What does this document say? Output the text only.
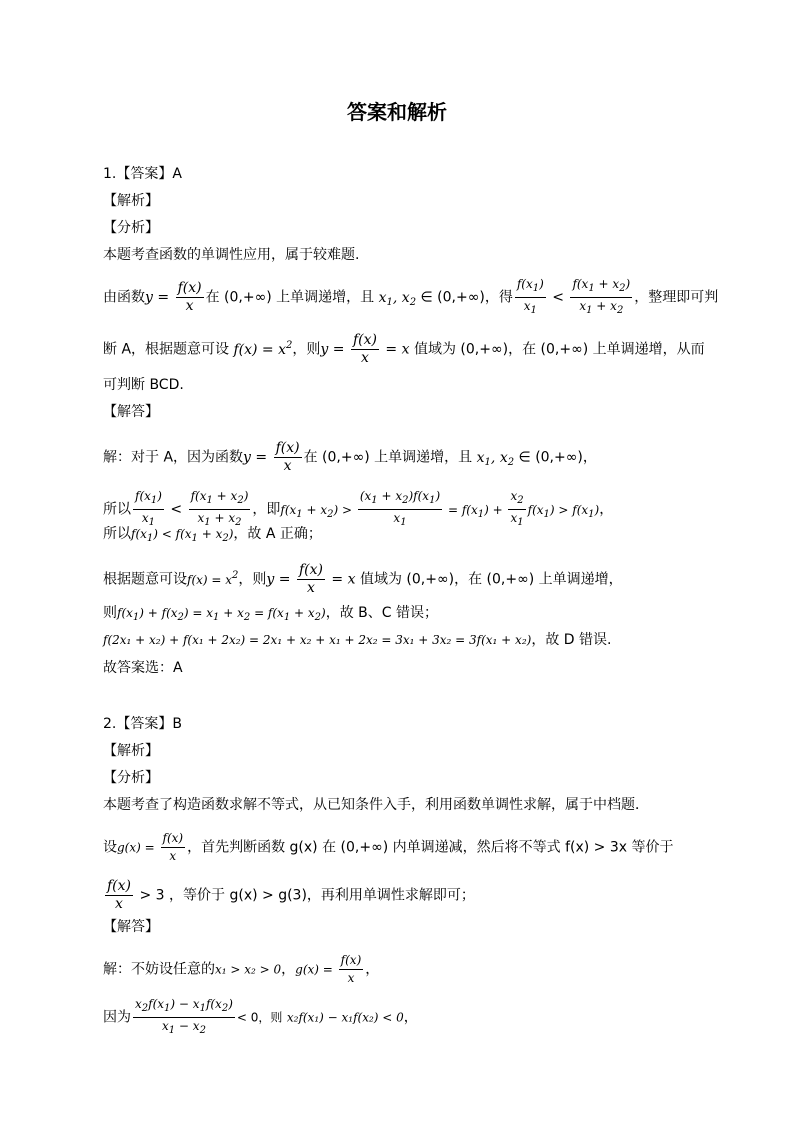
答案和解析
1.【答案】A
【解析】
【分析】
本题考查函数的单调性应用，属于较难题.
由函数$y = \frac{f(x)}{x}$ 在 (0,+∞) 上单调递增，且 $x_1$, $x_2$ ∈ (0,+∞)，得 $\frac{f(x_1)}{x_1} < \frac{f(x_1 + x_2)}{x_1 + x_2}$ ，整理即可判
断 A，根据题意可设 $f(x) = x^2$，则$y = \frac{f(x)}{x} = x$ 值域为 (0,+∞)，在 (0,+∞) 上单调递增，从而
可判断 BCD.
【解答】
解：对于 A，因为函数$y = \frac{f(x)}{x}$ 在 (0,+∞) 上单调递增，且 $x_1$, $x_2$ ∈ (0,+∞)，
所以 $\frac{f(x_1)}{x_1} < \frac{f(x_1 + x_2)}{x_1 + x_2}$ ，即$f(x_1 + x_2) > \frac{(x_1 + x_2)f(x_1)}{x_1} = f(x_1) + \frac{x_2}{x_1} f(x_1) > f(x_1)$，
所以$f(x_1) < f(x_1 + x_2)$，故 A 正确；
根据题意可设$f(x) = x^2$，则$y = \frac{f(x)}{x} = x$ 值域为 (0,+∞)，在 (0,+∞) 上单调递增，
则$f(x_1) + f(x_2) = x_1 + x_2 = f(x_1 + x_2)$，故 B、C 错误；
f(2x₁ + x₂) + f(x₁ + 2x₂) = 2x₁ + x₂ + x₁ + 2x₂ = 3x₁ + 3x₂ = 3f(x₁ + x₂)，故 D 错误.
故答案选：A
2.【答案】B
【解析】
【分析】
本题考查了构造函数求解不等式，从已知条件入手，利用函数单调性求解，属于中档题．
设$g(x) = \frac{f(x)}{x}$ ，首先判断函数 g(x) 在 (0,+∞) 内单调递减，然后将不等式 f(x) > 3x 等价于
$\frac{f(x)}{x} > 3$ ，等价于 g(x) > g(3)，再利用单调性求解即可；
【解答】
解：不妨设任意的x₁ > x₂ > 0，$g(x) = \frac{f(x)}{x}$ ，
因为 $\frac{x_2f(x_1) - x_1f(x_2)}{x_1 - x_2} < 0$，则 x₂f(x₁) − x₁f(x₂) < 0，
